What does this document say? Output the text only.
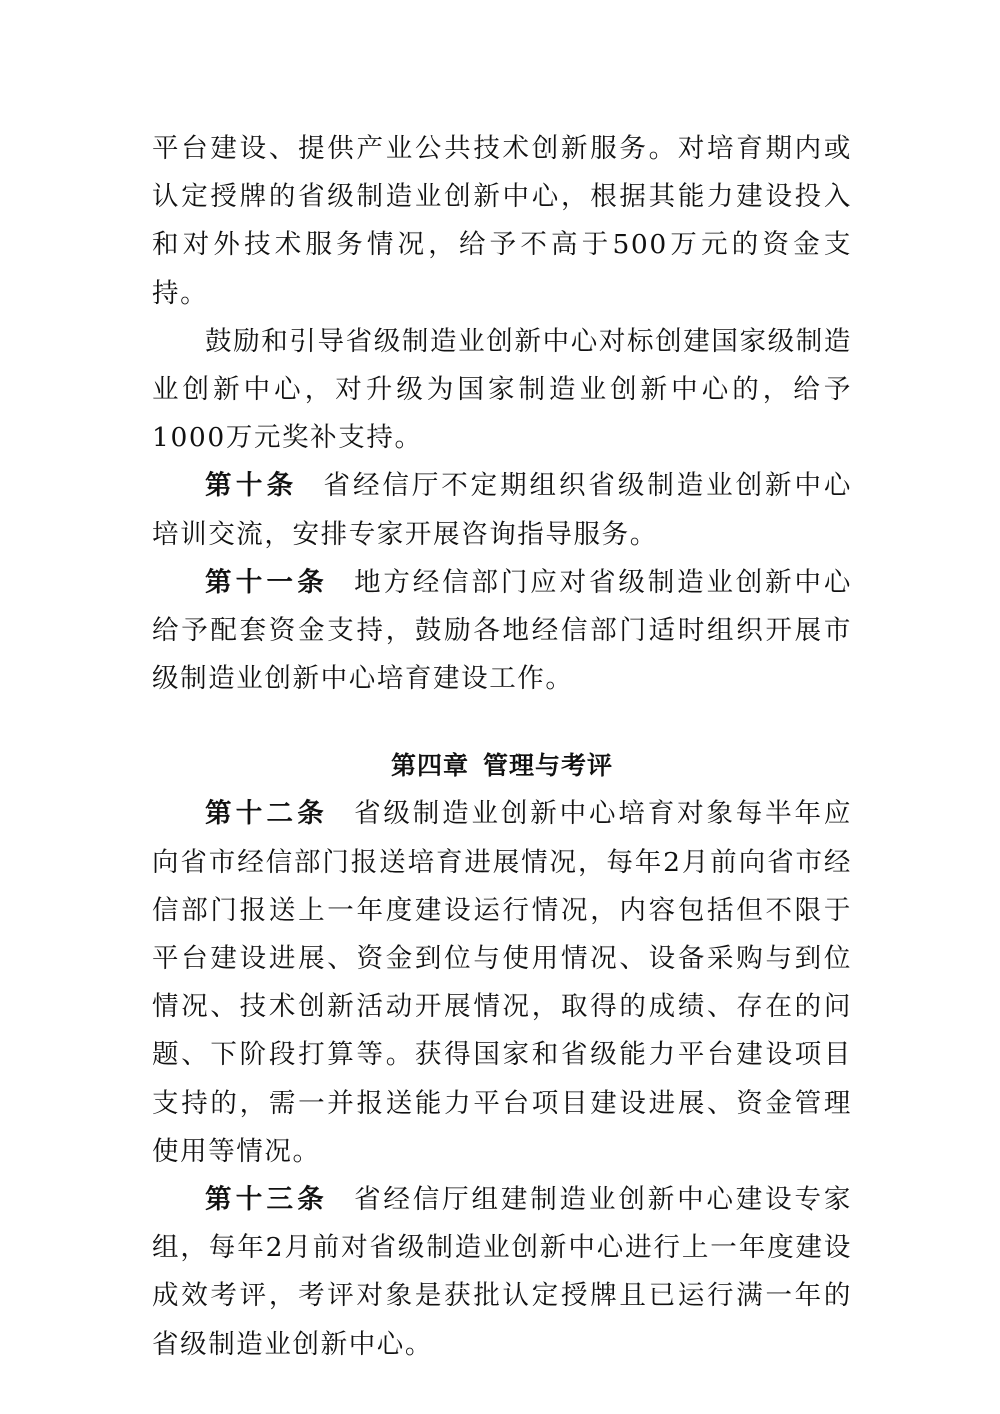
平台建设、提供产业公共技术创新服务。对培育期内或认定授牌的省级制造业创新中心，根据其能力建设投入和对外技术服务情况，给予不高于500万元的资金支持。

鼓励和引导省级制造业创新中心对标创建国家级制造业创新中心，对升级为国家制造业创新中心的，给予1000万元奖补支持。

第十条 省经信厅不定期组织省级制造业创新中心培训交流，安排专家开展咨询指导服务。

第十一条 地方经信部门应对省级制造业创新中心给予配套资金支持，鼓励各地经信部门适时组织开展市级制造业创新中心培育建设工作。

第四章 管理与考评

第十二条 省级制造业创新中心培育对象每半年应向省市经信部门报送培育进展情况，每年2月前向省市经信部门报送上一年度建设运行情况，内容包括但不限于平台建设进展、资金到位与使用情况、设备采购与到位情况、技术创新活动开展情况，取得的成绩、存在的问题、下阶段打算等。获得国家和省级能力平台建设项目支持的，需一并报送能力平台项目建设进展、资金管理使用等情况。

第十三条 省经信厅组建制造业创新中心建设专家组，每年2月前对省级制造业创新中心进行上一年度建设成效考评，考评对象是获批认定授牌且已运行满一年的省级制造业创新中心。
